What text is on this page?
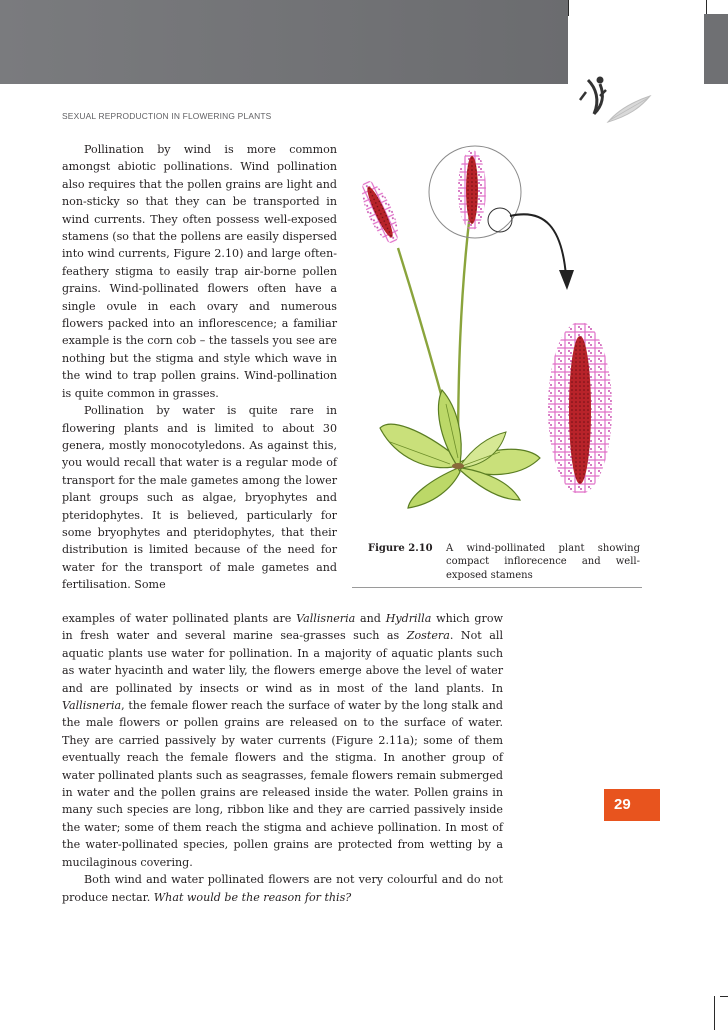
SEXUAL REPRODUCTION IN FLOWERING PLANTS

Pollination by wind is more common amongst abiotic pollinations. Wind pollination also requires that the pollen grains are light and non-sticky so that they can be transported in wind currents. They often possess well-exposed stamens (so that the pollens are easily dispersed into wind currents, Figure 2.10) and large often-feathery stigma to easily trap air-borne pollen grains. Wind-pollinated flowers often have a single ovule in each ovary and numerous flowers packed into an inflorescence; a familiar example is the corn cob – the tassels you see are nothing but the stigma and style which wave in the wind to trap pollen grains. Wind-pollination is quite common in grasses.

Pollination by water is quite rare in flowering plants and is limited to about 30 genera, mostly monocotyledons. As against this, you would recall that water is a regular mode of transport for the male gametes among the lower plant groups such as algae, bryophytes and pteridophytes. It is believed, particularly for some bryophytes and pteridophytes, that their distribution is limited because of the need for water for the transport of male gametes and fertilisation. Some

examples of water pollinated plants are Vallisneria and Hydrilla which grow in fresh water and several marine sea-grasses such as Zostera. Not all aquatic plants use water for pollination. In a majority of aquatic plants such as water hyacinth and water lily, the flowers emerge above the level of water and are pollinated by insects or wind as in most of the land plants. In Vallisneria, the female flower reach the surface of water by the long stalk and the male flowers or pollen grains are released on to the surface of water. They are carried passively by water currents (Figure 2.11a); some of them eventually reach the female flowers and the stigma. In another group of water pollinated plants such as seagrasses, female flowers remain submerged in water and the pollen grains are released inside the water. Pollen grains in many such species are long, ribbon like and they are carried passively inside the water; some of them reach the stigma and achieve pollination. In most of the water-pollinated species, pollen grains are protected from wetting by a mucilaginous covering.

Both wind and water pollinated flowers are not very colourful and do not produce nectar. What would be the reason for this?

Figure 2.10 A wind-pollinated plant showing compact inflorecence and well-exposed stamens
29
